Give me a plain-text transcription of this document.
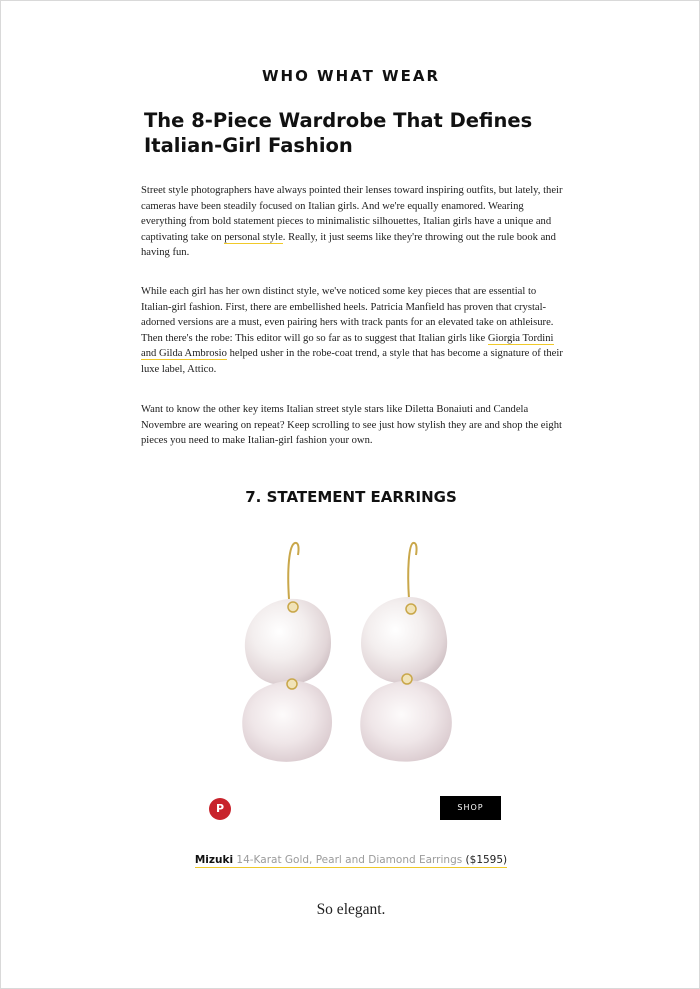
WHO WHAT WEAR
The 8-Piece Wardrobe That Defines Italian-Girl Fashion

Street style photographers have always pointed their lenses toward inspiring outfits, but lately, their cameras have been steadily focused on Italian girls. And we're equally enamored. Wearing everything from bold statement pieces to minimalistic silhouettes, Italian girls have a unique and captivating take on personal style. Really, it just seems like they're throwing out the rule book and having fun.

While each girl has her own distinct style, we've noticed some key pieces that are essential to Italian-girl fashion. First, there are embellished heels. Patricia Manfield has proven that crystal-adorned versions are a must, even pairing hers with track pants for an elevated take on athleisure. Then there's the robe: This editor will go so far as to suggest that Italian girls like Giorgia Tordini and Gilda Ambrosio helped usher in the robe-coat trend, a style that has become a signature of their luxe label, Attico.

Want to know the other key items Italian street style stars like Diletta Bonaiuti and Candela Novembre are wearing on repeat? Keep scrolling to see just how stylish they are and shop the eight pieces you need to make Italian-girl fashion your own.

7. STATEMENT EARRINGS
P	SHOP
Mizuki 14-Karat Gold, Pearl and Diamond Earrings ($1595)
So elegant.
